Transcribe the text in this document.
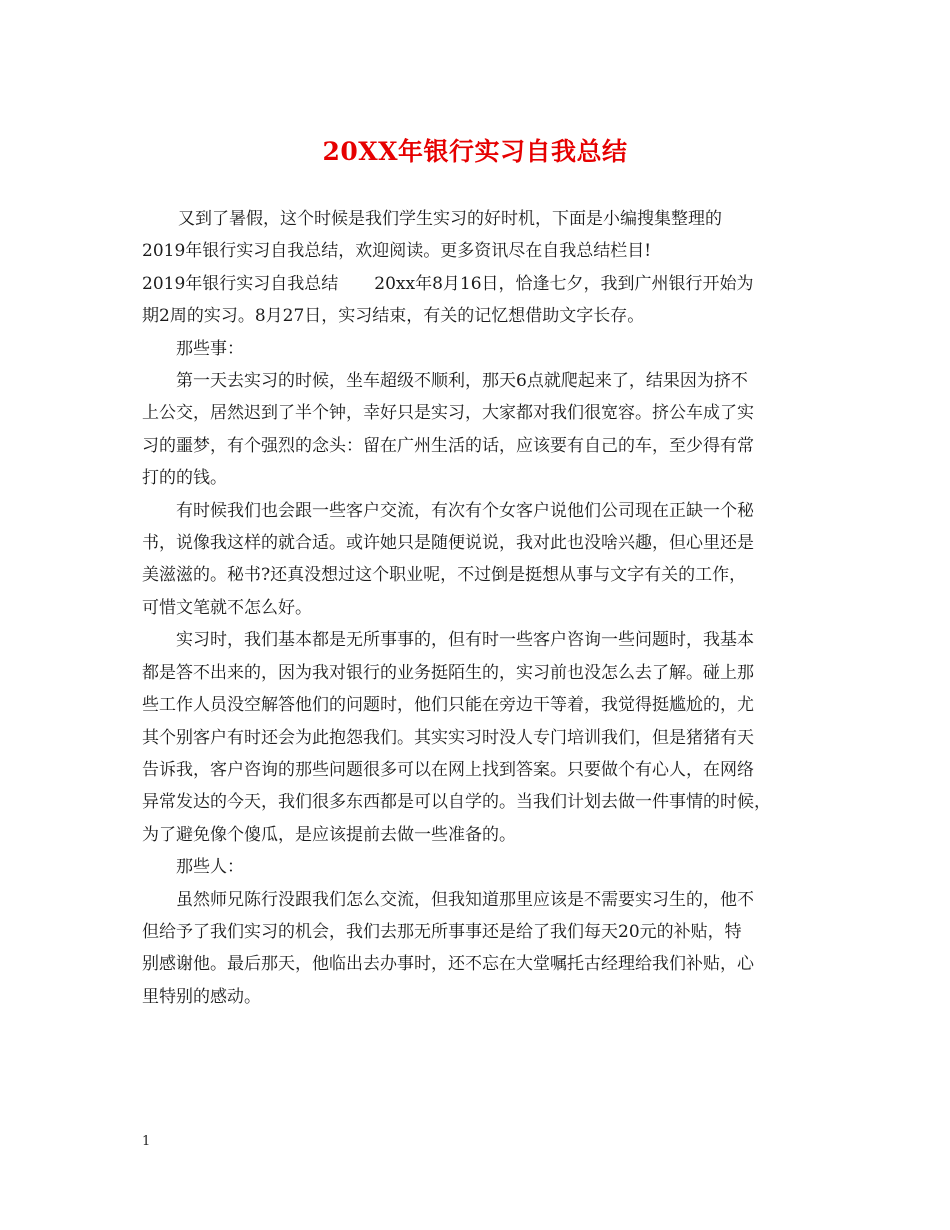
20XX年银行实习自我总结

又到了暑假，这个时候是我们学生实习的好时机，下面是小编搜集整理的
2019年银行实习自我总结，欢迎阅读。更多资讯尽在自我总结栏目!

2019年银行实习自我总结 20xx年8月16日，恰逢七夕，我到广州银行开始为
期2周的实习。8月27日，实习结束，有关的记忆想借助文字长存。

那些事：

第一天去实习的时候，坐车超级不顺利，那天6点就爬起来了，结果因为挤不
上公交，居然迟到了半个钟，幸好只是实习，大家都对我们很宽容。挤公车成了实
习的噩梦，有个强烈的念头：留在广州生活的话，应该要有自己的车，至少得有常
打的的钱。

有时候我们也会跟一些客户交流，有次有个女客户说他们公司现在正缺一个秘
书，说像我这样的就合适。或许她只是随便说说，我对此也没啥兴趣，但心里还是
美滋滋的。秘书?还真没想过这个职业呢，不过倒是挺想从事与文字有关的工作，
可惜文笔就不怎么好。

实习时，我们基本都是无所事事的，但有时一些客户咨询一些问题时，我基本
都是答不出来的，因为我对银行的业务挺陌生的，实习前也没怎么去了解。碰上那
些工作人员没空解答他们的问题时，他们只能在旁边干等着，我觉得挺尴尬的，尤
其个别客户有时还会为此抱怨我们。其实实习时没人专门培训我们，但是猪猪有天
告诉我，客户咨询的那些问题很多可以在网上找到答案。只要做个有心人，在网络
异常发达的今天，我们很多东西都是可以自学的。当我们计划去做一件事情的时候，
为了避免像个傻瓜，是应该提前去做一些准备的。

那些人：

虽然师兄陈行没跟我们怎么交流，但我知道那里应该是不需要实习生的，他不
但给予了我们实习的机会，我们去那无所事事还是给了我们每天20元的补贴，特
别感谢他。最后那天，他临出去办事时，还不忘在大堂嘱托古经理给我们补贴，心
里特别的感动。

1
